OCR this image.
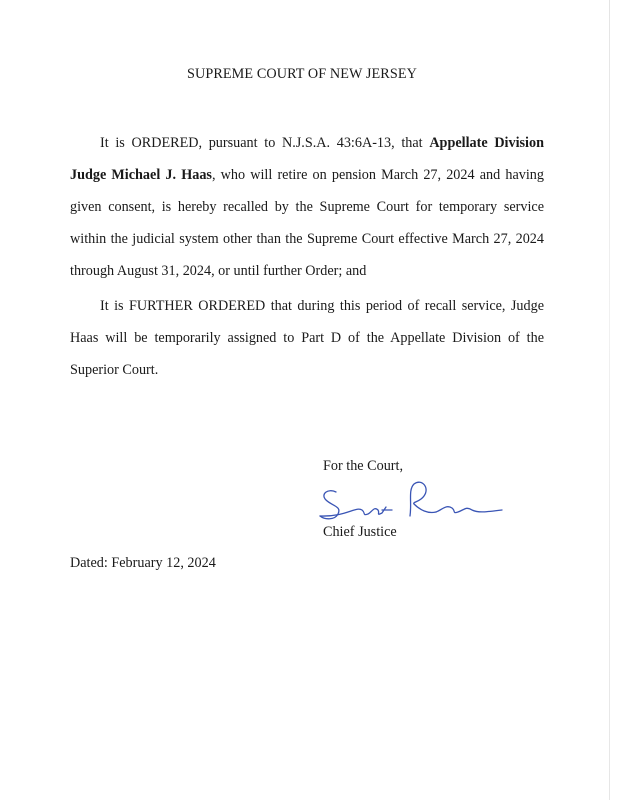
SUPREME COURT OF NEW JERSEY

It is ORDERED, pursuant to N.J.S.A. 43:6A-13, that Appellate Division Judge Michael J. Haas, who will retire on pension March 27, 2024 and having given consent, is hereby recalled by the Supreme Court for temporary service within the judicial system other than the Supreme Court effective March 27, 2024 through August 31, 2024, or until further Order; and

It is FURTHER ORDERED that during this period of recall service, Judge Haas will be temporarily assigned to Part D of the Appellate Division of the Superior Court.

For the Court,
Chief Justice
Dated: February 12, 2024
